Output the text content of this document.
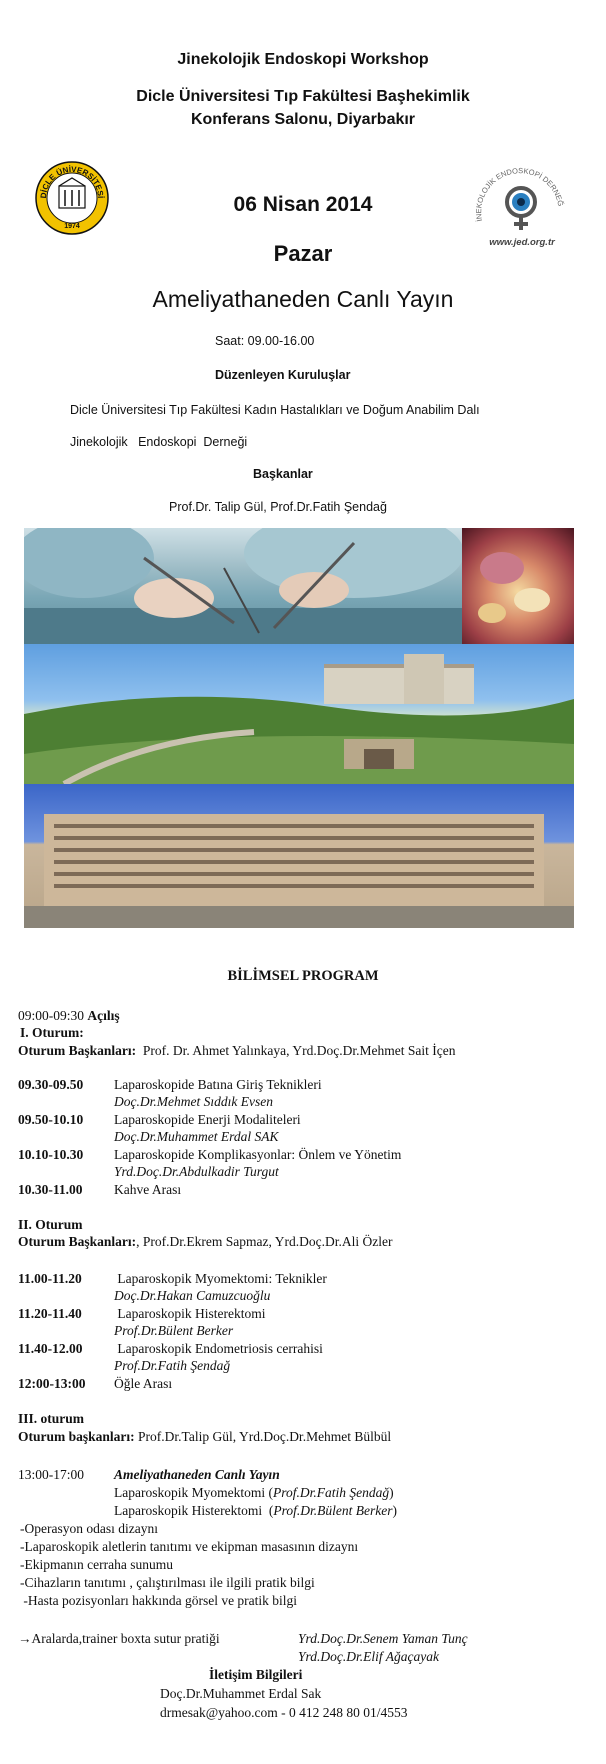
Jinekolojik Endoskopi Workshop
Dicle Üniversitesi Tıp Fakültesi Başhekimlik
Konferans Salonu, Diyarbakır
DİCLE ÜNİVERSİTESİ
1974
06 Nisan 2014
Pazar
İNEKOLOJİK ENDOSKOPİ DERNEĞ
www.jed.org.tr
Ameliyathaneden Canlı Yayın
Saat: 09.00-16.00
Düzenleyen Kuruluşlar
Dicle Üniversitesi Tıp Fakültesi Kadın Hastalıkları ve Doğum Anabilim Dalı
Jinekolojik   Endoskopi  Derneği
Başkanlar
Prof.Dr. Talip Gül, Prof.Dr.Fatih Şendağ
BİLİMSEL PROGRAM
09:00-09:30 Açılış
I. Oturum:
Oturum Başkanları:  Prof. Dr. Ahmet Yalınkaya, Yrd.Doç.Dr.Mehmet Sait İçen
09.30-09.50 Laparoskopide Batına Giriş Teknikleri
Doç.Dr.Mehmet Sıddık Evsen
09.50-10.10 Laparoskopide Enerji Modaliteleri
Doç.Dr.Muhammet Erdal SAK
10.10-10.30 Laparoskopide Komplikasyonlar: Önlem ve Yönetim
Yrd.Doç.Dr.Abdulkadir Turgut
10.30-11.00 Kahve Arası
II. Oturum
Oturum Başkanları:, Prof.Dr.Ekrem Sapmaz, Yrd.Doç.Dr.Ali Özler
11.00-11.20 Laparoskopik Myomektomi: Teknikler
Doç.Dr.Hakan Camuzcuoğlu
11.20-11.40 Laparoskopik Histerektomi
Prof.Dr.Bülent Berker
11.40-12.00 Laparoskopik Endometriosis cerrahisi
Prof.Dr.Fatih Şendağ
12:00-13:00 Öğle Arası
III. oturum
Oturum başkanları: Prof.Dr.Talip Gül, Yrd.Doç.Dr.Mehmet Bülbül
13:00-17:00 Ameliyathaneden Canlı Yayın
Laparoskopik Myomektomi (Prof.Dr.Fatih Şendağ)
Laparoskopik Histerektomi  (Prof.Dr.Bülent Berker)
-Operasyon odası dizaynı
-Laparoskopik aletlerin tanıtımı ve ekipman masasının dizaynı
-Ekipmanın cerraha sunumu
-Cihazların tanıtımı , çalıştırılması ile ilgili pratik bilgi
-Hasta pozisyonları hakkında görsel ve pratik bilgi
→Aralarda,trainer boxta sutur pratiği	Yrd.Doç.Dr.Senem Yaman Tunç
Yrd.Doç.Dr.Elif Ağaçayak
İletişim Bilgileri
Doç.Dr.Muhammet Erdal Sak
drmesak@yahoo.com - 0 412 248 80 01/4553
